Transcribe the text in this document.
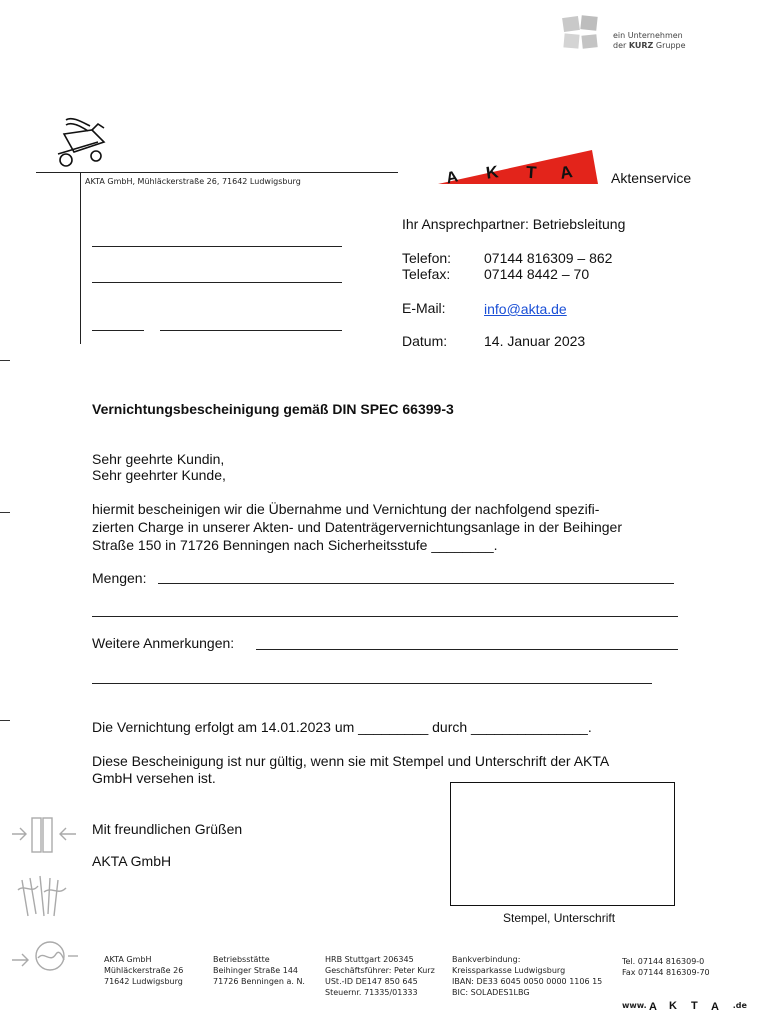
ein Unternehmen
der KURZ Gruppe
A K T A	Aktenservice
AKTA GmbH, Mühläckerstraße 26, 71642 Ludwigsburg
Ihr Ansprechpartner: Betriebsleitung
Telefon: 07144 816309 – 862
Telefax: 07144 8442 – 70
E-Mail:	info@akta.de
Datum:	14. Januar 2023
Vernichtungsbescheinigung gemäß DIN SPEC 66399-3
Sehr geehrte Kundin,
Sehr geehrter Kunde,
hiermit bescheinigen wir die Übernahme und Vernichtung der nachfolgend spezifi-
zierten Charge in unserer Akten- und Datenträgervernichtungsanlage in der Beihinger
Straße 150 in 71726 Benningen nach Sicherheitsstufe ________.
Mengen:
Weitere Anmerkungen:
Die Vernichtung erfolgt am 14.01.2023 um _________ durch _______________.
Diese Bescheinigung ist nur gültig, wenn sie mit Stempel und Unterschrift der AKTA
GmbH versehen ist.
Mit freundlichen Grüßen
AKTA GmbH
Stempel, Unterschrift
AKTA GmbH
Mühläckerstraße 26
71642 Ludwigsburg
Betriebsstätte
Beihinger Straße 144
71726 Benningen a. N.
HRB Stuttgart 206345
Geschäftsführer: Peter Kurz
USt.-ID DE147 850 645
Steuernr. 71335/01333
Bankverbindung:
Kreissparkasse Ludwigsburg
IBAN: DE33 6045 0050 0000 1106 15
BIC: SOLADES1LBG
Tel. 07144 816309-0
Fax 07144 816309-70
www. A K T A .de
